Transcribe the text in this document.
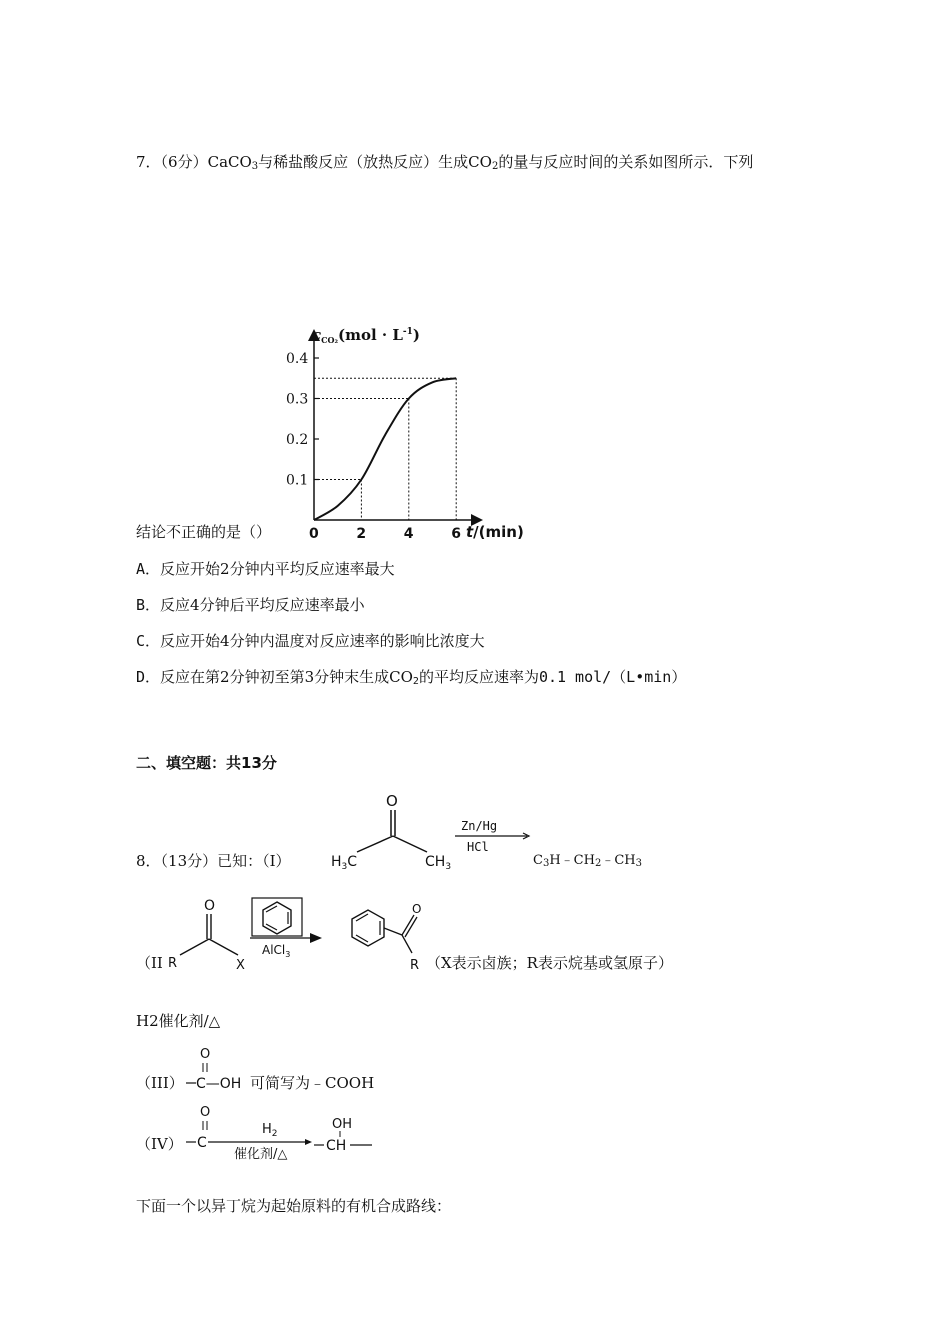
7．（6分）CaCO$_3$与稀盐酸反应（放热反应）生成$CO_2$的量与反应时间的关系如图所示．下列
0	2	4	6
0.1
0.2
0.3
0.4
$c_{CO_2}(mol \cdot L^{-1})$
t/(min)
结论不正确的是（）
A．反应开始2分钟内平均反应速率最大
B．反应4分钟后平均反应速率最小
C．反应开始4分钟内温度对反应速率的影响比浓度大
D．反应在第2分钟初至第3分钟末生成$CO_2$的平均反应速率为0.1 mol/（L•min）
二、填空题：共13分
8．（13分）已知：（Ⅰ）
O
$H_3C$	$CH_3$
Zn/Hg
HCl
$C_3H﹣CH_2﹣CH_3$
（II
O
R	X
AlCl$_3$
O
R （X表示卤族；R表示烷基或氢原子）
H2催化剂/△
（III）
O
C—OH 可简写为﹣COOH
（IV）
O
C
$H_2$
催化剂/△
OH
CH
下面一个以异丁烷为起始原料的有机合成路线：
